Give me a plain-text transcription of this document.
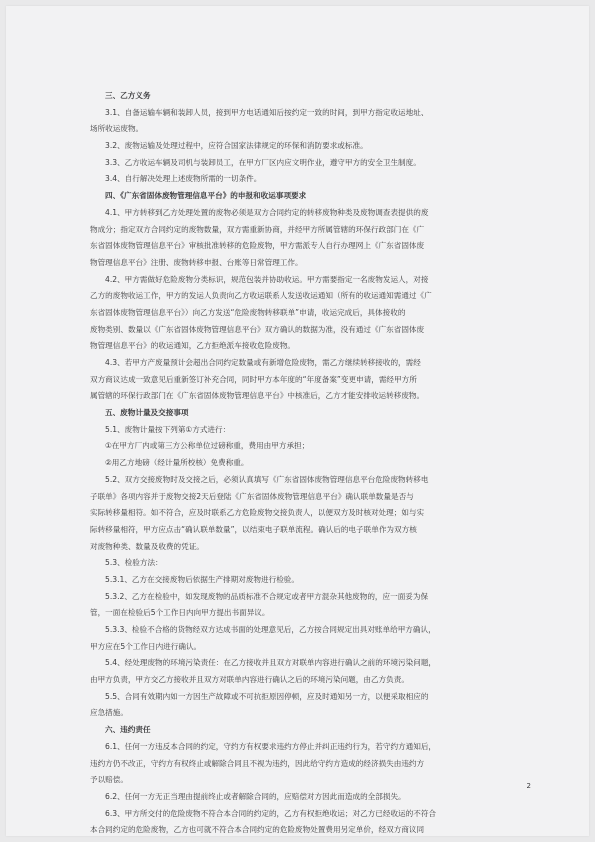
三、乙方义务
3.1、自备运输车辆和装卸人员，接到甲方电话通知后按约定一致的时间，到甲方指定收运地址、
场所收运废物。
3.2、废物运输及处理过程中，应符合国家法律规定的环保和消防要求或标准。
3.3、乙方收运车辆及司机与装卸员工，在甲方厂区内应文明作业，遵守甲方的安全卫生制度。
3.4、自行解决处理上述废物所需的一切条件。
四、《广东省固体废物管理信息平台》的申报和收运事项要求
4.1、甲方转移到乙方处理处置的废物必须是双方合同约定的转移废物种类及废物调查表提供的废
物成分；指定双方合同约定的废物数量，双方需重新协商，并经甲方所属管辖的环保行政部门在《广
东省固体废物管理信息平台》审核批准转移的危险废物，甲方需派专人自行办理网上《广东省固体废
物管理信息平台》注册、废物转移申报、台账等日常管理工作。
4.2、甲方需做好危险废物分类标识，规范包装并协助收运。甲方需要指定一名废物发运人，对接
乙方的废物收运工作，甲方的发运人负责向乙方收运联系人发送收运通知（所有的收运通知需通过《广
东省固体废物管理信息平台》）向乙方发送“危险废物转移联单”申请，收运完成后，具体接收的
废物类别、数量以《广东省固体废物管理信息平台》双方确认的数据为准，没有通过《广东省固体废
物管理信息平台》的收运通知，乙方拒绝派车接收危险废物。
4.3、若甲方产废量预计会超出合同约定数量或有新增危险废物，需乙方继续转移接收的，需经
双方商议达成一致意见后重新签订补充合同，同时甲方本年度的“年度备案”变更申请，需经甲方所
属管辖的环保行政部门在《广东省固体废物管理信息平台》中核准后，乙方才能安排收运转移废物。
五、废物计量及交接事项
5.1、废物计量按下列第①方式进行：
①在甲方厂内或第三方公称单位过磅称重，费用由甲方承担；
②用乙方地磅（经计量所校核）免费称重。
5.2、双方交接废物时及交接之后，必须认真填写《广东省固体废物管理信息平台危险废物转移电
子联单》各项内容并于废物交接2天后登陆《广东省固体废物管理信息平台》确认联单数量是否与
实际转移量相符。如不符合，应及时联系乙方危险废物交接负责人，以便双方及时核对处理；如与实
际转移量相符，甲方应点击“确认联单数量”，以结束电子联单流程。确认后的电子联单作为双方核
对废物种类、数量及收费的凭证。
5.3、检验方法：
5.3.1、乙方在交接废物后依据生产排期对废物进行检验。
5.3.2、乙方在检验中，如发现废物的品质标准不合规定或者甲方混杂其他废物的，应一面妥为保
管，一面在检验后5个工作日内向甲方提出书面异议。
5.3.3、检验不合格的货物经双方达成书面的处理意见后，乙方按合同规定出具对账单给甲方确认，
甲方应在5个工作日内进行确认。
5.4、经处理废物的环境污染责任：在乙方接收并且双方对联单内容进行确认之前的环境污染问题，
由甲方负责，甲方交乙方接收并且双方对联单内容进行确认之后的环境污染问题，由乙方负责。
5.5、合同有效期内如一方因生产故障或不可抗拒原因停顿，应及时通知另一方，以便采取相应的
应急措施。
六、违约责任
6.1、任何一方违反本合同的约定，守约方有权要求违约方停止并纠正违约行为，若守约方通知后，
违约方仍不改正，守约方有权终止或解除合同且不视为违约，因此给守约方造成的经济损失由违约方
予以赔偿。
6.2、任何一方无正当理由提前终止或者解除合同的，应赔偿对方因此而造成的全部损失。
6.3、甲方所交付的危险废物不符合本合同的约定的，乙方有权拒绝收运；对乙方已经收运的不符合
本合同约定的危险废物，乙方也可就不符合本合同约定的危险废物处置费用另定单价，经双方商议同
2
